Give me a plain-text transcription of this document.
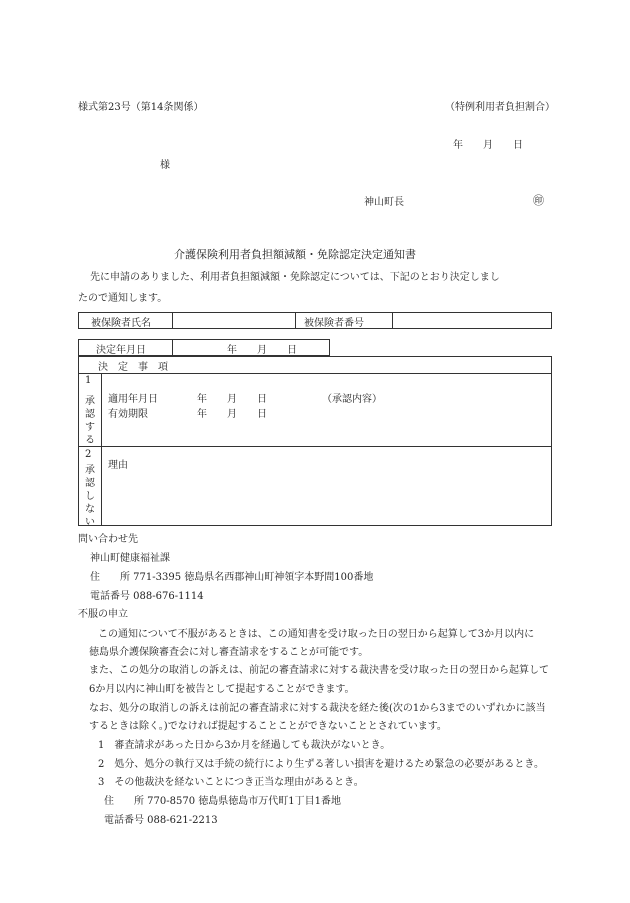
様式第23号（第14条関係）	（特例利用者負担割合）
年　　月　　日
様
神山町長	㊞
介護保険利用者負担額減額・免除認定決定通知書
先に申請のありました、利用者負担額減額・免除認定については、下記のとおり決定しまし
たので通知します。
被保険者氏名	被保険者番号
決定年月日	年　　月　　日
決　定　事　項
1
承認する
適用年月日	年　　月　　日	（承認内容）
有効期限	年　　月　　日
2
承認しない
理由
問い合わせ先
神山町健康福祉課
住　　所 771-3395 徳島県名西郡神山町神領字本野間100番地
電話番号 088-676-1114
不服の申立
この通知について不服があるときは、この通知書を受け取った日の翌日から起算して3か月以内に
徳島県介護保険審査会に対し審査請求をすることが可能です。
また、この処分の取消しの訴えは、前記の審査請求に対する裁決書を受け取った日の翌日から起算して
6か月以内に神山町を被告として提起することができます。
なお、処分の取消しの訴えは前記の審査請求に対する裁決を経た後(次の1から3までのいずれかに該当
するときは除く。)でなければ提起することことができないこととされています。
1　審査請求があった日から3か月を経過しても裁決がないとき。
2　処分、処分の執行又は手続の続行により生ずる著しい損害を避けるため緊急の必要があるとき。
3　その他裁決を経ないことにつき正当な理由があるとき。
住　　所 770-8570 徳島県徳島市万代町1丁目1番地
電話番号 088-621-2213
